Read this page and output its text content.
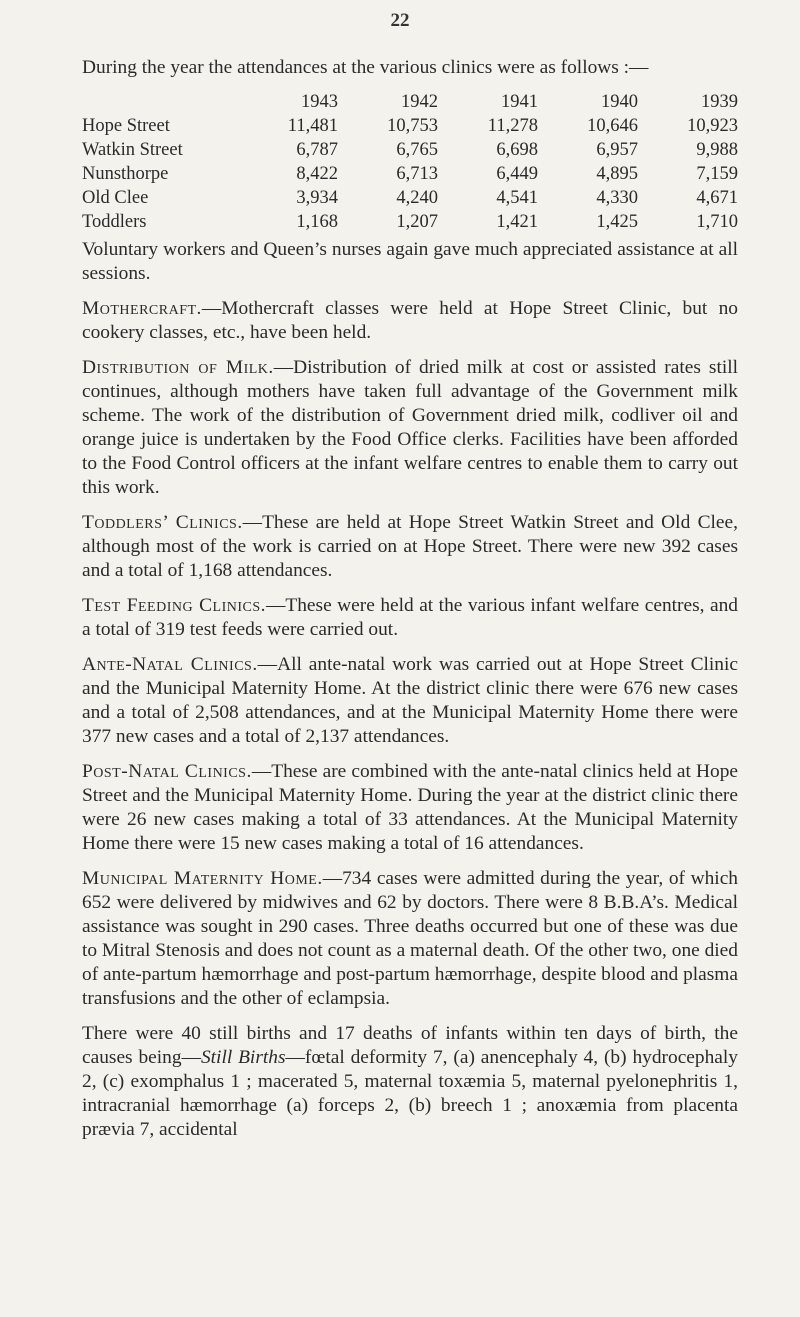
22

During the year the attendances at the various clinics were as follows :—

	1943	1942	1941	1940	1939
Hope Street	11,481	10,753	11,278	10,646	10,923
Watkin Street	6,787	6,765	6,698	6,957	9,988
Nunsthorpe	8,422	6,713	6,449	4,895	7,159
Old Clee	3,934	4,240	4,541	4,330	4,671
Toddlers	1,168	1,207	1,421	1,425	1,710

Voluntary workers and Queen’s nurses again gave much appreciated assistance at all sessions.

Mothercraft.—Mothercraft classes were held at Hope Street Clinic, but no cookery classes, etc., have been held.

Distribution of Milk.—Distribution of dried milk at cost or assisted rates still continues, although mothers have taken full advantage of the Government milk scheme. The work of the distribution of Government dried milk, codliver oil and orange juice is undertaken by the Food Office clerks. Facilities have been afforded to the Food Control officers at the infant welfare centres to enable them to carry out this work.

Toddlers’ Clinics.—These are held at Hope Street Watkin Street and Old Clee, although most of the work is carried on at Hope Street. There were new 392 cases and a total of 1,168 attendances.

Test Feeding Clinics.—These were held at the various infant welfare centres, and a total of 319 test feeds were carried out.

Ante-Natal Clinics.—All ante-natal work was carried out at Hope Street Clinic and the Municipal Maternity Home. At the district clinic there were 676 new cases and a total of 2,508 attendances, and at the Municipal Maternity Home there were 377 new cases and a total of 2,137 attendances.

Post-Natal Clinics.—These are combined with the ante-natal clinics held at Hope Street and the Municipal Maternity Home. During the year at the district clinic there were 26 new cases making a total of 33 attendances. At the Municipal Maternity Home there were 15 new cases making a total of 16 attendances.

Municipal Maternity Home.—734 cases were admitted during the year, of which 652 were delivered by midwives and 62 by doctors. There were 8 B.B.A’s. Medical assistance was sought in 290 cases. Three deaths occurred but one of these was due to Mitral Stenosis and does not count as a maternal death. Of the other two, one died of ante-partum hæmorrhage and post-partum hæmorrhage, despite blood and plasma transfusions and the other of eclampsia.

There were 40 still births and 17 deaths of infants within ten days of birth, the causes being—Still Births—fœtal deformity 7, (a) anencephaly 4, (b) hydrocephaly 2, (c) exomphalus 1 ; macerated 5, maternal toxæmia 5, maternal pyelonephritis 1, intracranial hæmorrhage (a) forceps 2, (b) breech 1 ; anoxæmia from placenta prævia 7, accidental
